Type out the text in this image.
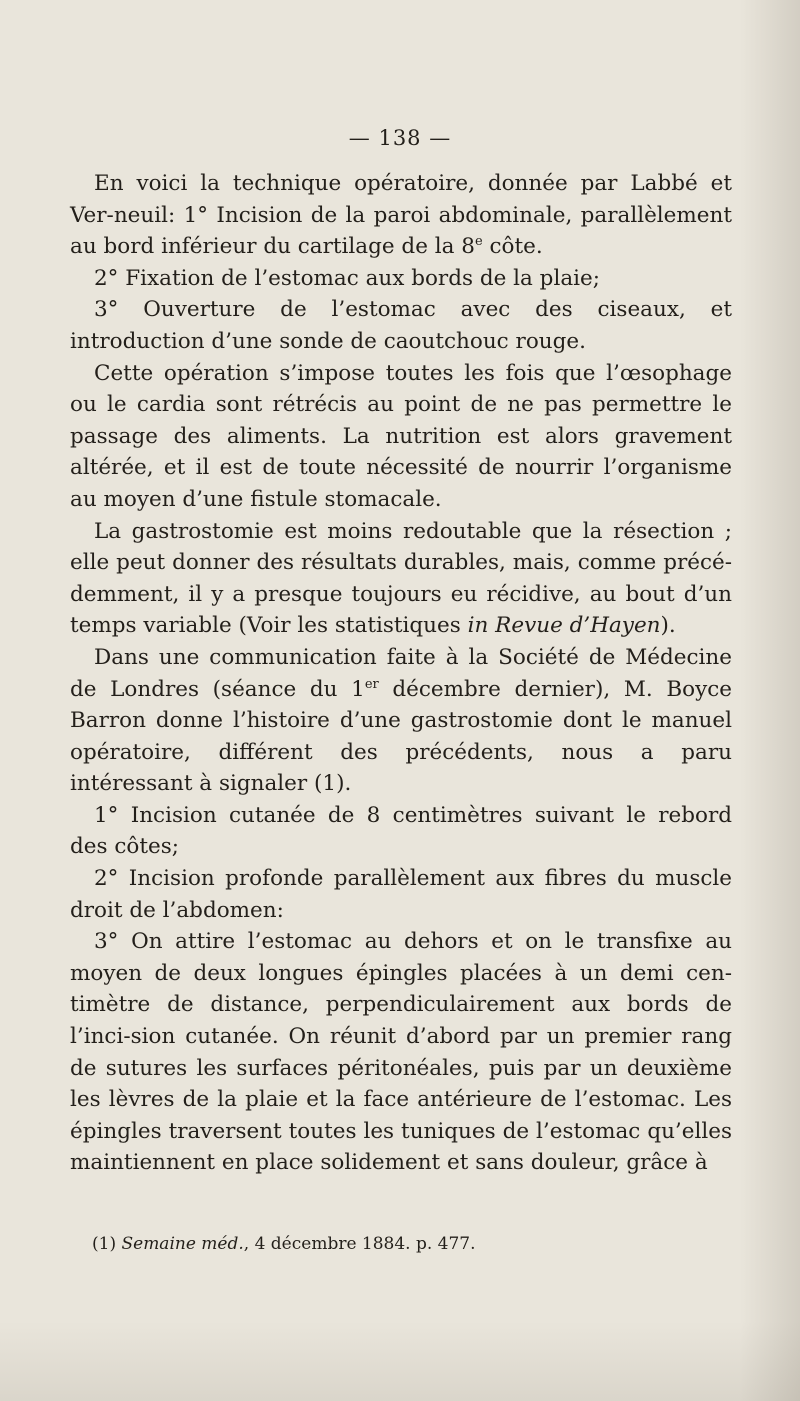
— 138 —

En voici la technique opératoire, donnée par Labbé et Ver-neuil: 1° Incision de la paroi abdominale, parallèlement au bord inférieur du cartilage de la 8e côte.

2° Fixation de l’estomac aux bords de la plaie;

3° Ouverture de l’estomac avec des ciseaux, et introduction d’une sonde de caoutchouc rouge.

Cette opération s’impose toutes les fois que l’œsophage ou le cardia sont rétrécis au point de ne pas permettre le passage des aliments. La nutrition est alors gravement altérée, et il est de toute nécessité de nourrir l’organisme au moyen d’une fistule stomacale.

La gastrostomie est moins redoutable que la résection ; elle peut donner des résultats durables, mais, comme précé-demment, il y a presque toujours eu récidive, au bout d’un temps variable (Voir les statistiques in Revue d’Hayen).

Dans une communication faite à la Société de Médecine de Londres (séance du 1er décembre dernier), M. Boyce Barron donne l’histoire d’une gastrostomie dont le manuel opératoire, différent des précédents, nous a paru intéressant à signaler (1).

1° Incision cutanée de 8 centimètres suivant le rebord des côtes;

2° Incision profonde parallèlement aux fibres du muscle droit de l’abdomen:

3° On attire l’estomac au dehors et on le transfixe au moyen de deux longues épingles placées à un demi cen-timètre de distance, perpendiculairement aux bords de l’inci-sion cutanée. On réunit d’abord par un premier rang de sutures les surfaces péritonéales, puis par un deuxième les lèvres de la plaie et la face antérieure de l’estomac. Les épingles traversent toutes les tuniques de l’estomac qu’elles maintiennent en place solidement et sans douleur, grâce à

(1) Semaine méd., 4 décembre 1884. p. 477.
